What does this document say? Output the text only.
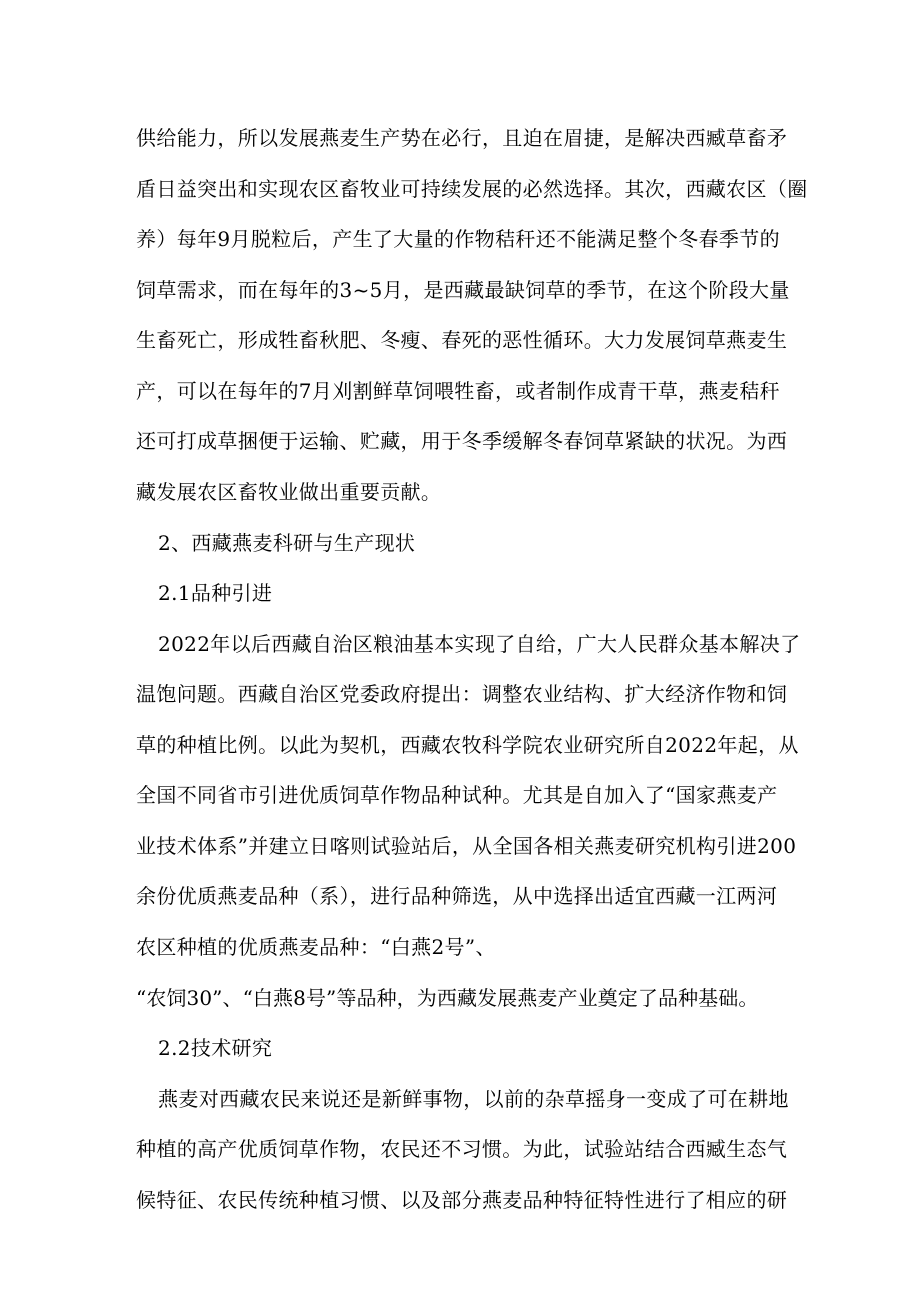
供给能力，所以发展燕麦生产势在必行，且迫在眉捷，是解决西臧草畜矛
盾日益突出和实现农区畜牧业可持续发展的必然选择。其次，西藏农区（圈
养）每年9月脱粒后，产生了大量的作物秸秆还不能满足整个冬春季节的
饲草需求，而在每年的3~5月，是西藏最缺饲草的季节，在这个阶段大量
生畜死亡，形成牲畜秋肥、冬瘦、春死的恶性循环。大力发展饲草燕麦生
产，可以在每年的7月刈割鲜草饲喂牲畜，或者制作成青干草，燕麦秸秆
还可打成草捆便于运输、贮藏，用于冬季缓解冬春饲草紧缺的状况。为西
藏发展农区畜牧业做出重要贡献。
2、西藏燕麦科研与生产现状
2.1品种引进
2022年以后西藏自治区粮油基本实现了自给，广大人民群众基本解决了
温饱问题。西藏自治区党委政府提出：调整农业结构、扩大经济作物和饲
草的种植比例。以此为契机，西藏农牧科学院农业研究所自2022年起，从
全国不同省市引进优质饲草作物品种试种。尤其是自加入了“国家燕麦产
业技术体系”并建立日喀则试验站后，从全国各相关燕麦研究机构引进200
余份优质燕麦品种（系），进行品种筛选，从中选择出适宜西藏一江两河
农区种植的优质燕麦品种：“白燕2号”、
“农饲30”、“白燕8号”等品种，为西藏发展燕麦产业奠定了品种基础。
2.2技术研究
燕麦对西藏农民来说还是新鲜事物，以前的杂草摇身一变成了可在耕地
种植的高产优质饲草作物，农民还不习惯。为此，试验站结合西臧生态气
候特征、农民传统种植习惯、以及部分燕麦品种特征特性进行了相应的研
